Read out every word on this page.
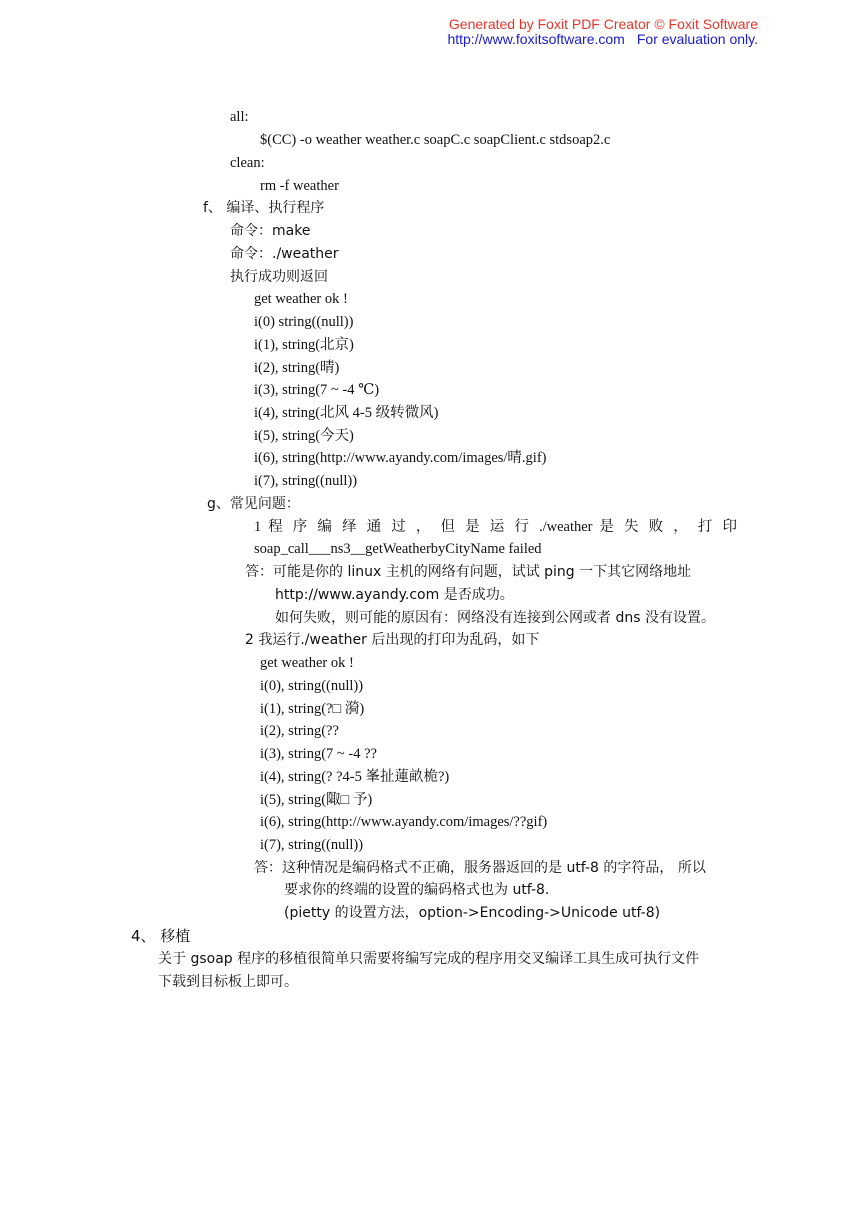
Generated by Foxit PDF Creator © Foxit Software
http://www.foxitsoftware.com For evaluation only.
all:
$(CC) -o weather weather.c soapC.c soapClient.c stdsoap2.c
clean:
rm -f weather
f、 编译、执行程序
命令：make
命令：./weather
执行成功则返回
get weather ok !
i(0) string((null))
i(1), string(北京)
i(2), string(晴)
i(3), string(7 ~ -4 ℃)
i(4), string(北风 4-5 级转微风)
i(5), string(今天)
i(6), string(http://www.ayandy.com/images/晴.gif)
i(7), string((null))
g、常见问题：
1 程 序 编 绎 通 过 ， 但 是 运 行 ./weather 是 失 败 ， 打 印
soap_call___ns3__getWeatherbyCityName failed
答：可能是你的 linux 主机的网络有问题，试试 ping 一下其它网络地址
http://www.ayandy.com 是否成功。
如何失败，则可能的原因有：网络没有连接到公网或者 dns 没有设置。
2 我运行./weather 后出现的打印为乱码，如下
get weather ok !
i(0), string((null))
i(1), string(?□ 漪)
i(2), string(??
i(3), string(7 ~ -4 ??
i(4), string(? ?4-5 峯扯蓮畝桅?)
i(5), string(陬□ 予)
i(6), string(http://www.ayandy.com/images/??gif)
i(7), string((null))
答：这种情况是编码格式不正确，服务器返回的是 utf-8 的字符品， 所以
要求你的终端的设置的编码格式也为 utf-8.
(pietty 的设置方法，option->Encoding->Unicode utf-8)
4、 移植
关于 gsoap 程序的移植很简单只需要将编写完成的程序用交叉编译工具生成可执行文件
下载到目标板上即可。
